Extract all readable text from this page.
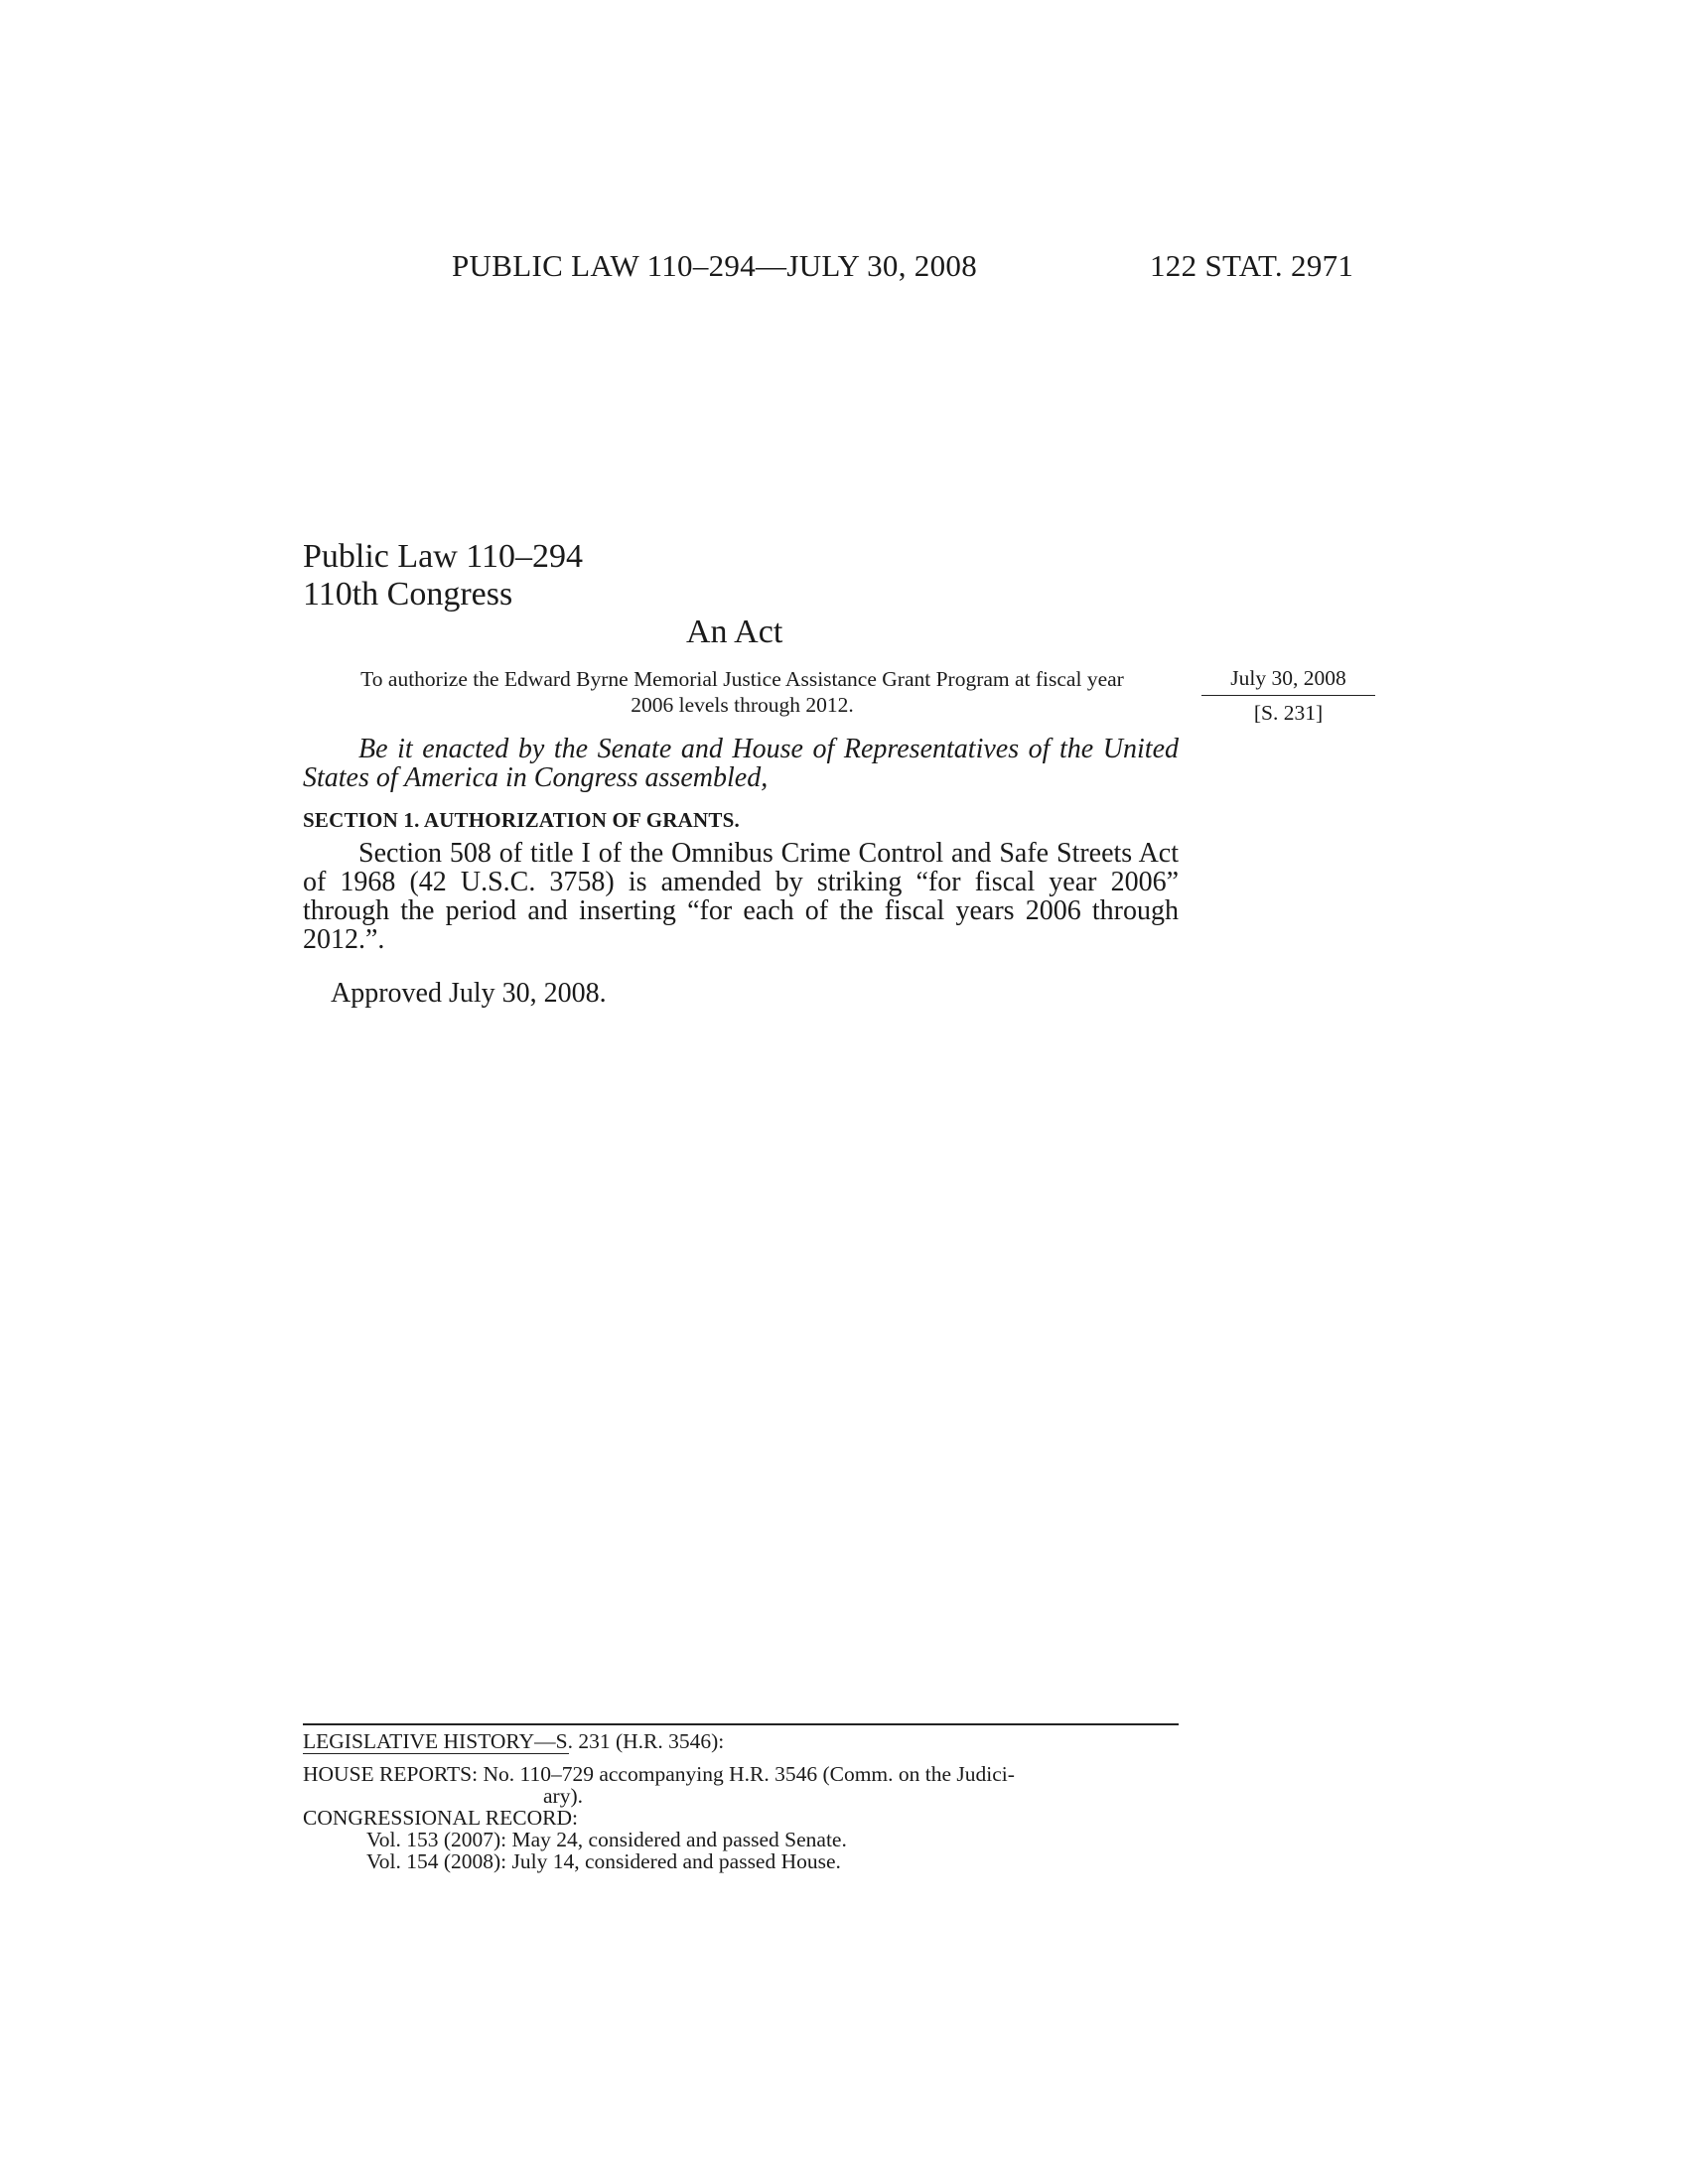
PUBLIC LAW 110–294—JULY 30, 2008	122 STAT. 2971
Public Law 110–294
110th Congress
An Act
To authorize the Edward Byrne Memorial Justice Assistance Grant Program at fiscal year 2006 levels through 2012.
July 30, 2008
[S. 231]
Be it enacted by the Senate and House of Representatives of the United States of America in Congress assembled,
SECTION 1. AUTHORIZATION OF GRANTS.
Section 508 of title I of the Omnibus Crime Control and Safe Streets Act of 1968 (42 U.S.C. 3758) is amended by striking “for fiscal year 2006” through the period and inserting “for each of the fiscal years 2006 through 2012.”.
Approved July 30, 2008.
LEGISLATIVE HISTORY—S. 231 (H.R. 3546):
HOUSE REPORTS: No. 110–729 accompanying H.R. 3546 (Comm. on the Judici-
ary).
CONGRESSIONAL RECORD:
Vol. 153 (2007): May 24, considered and passed Senate.
Vol. 154 (2008): July 14, considered and passed House.
